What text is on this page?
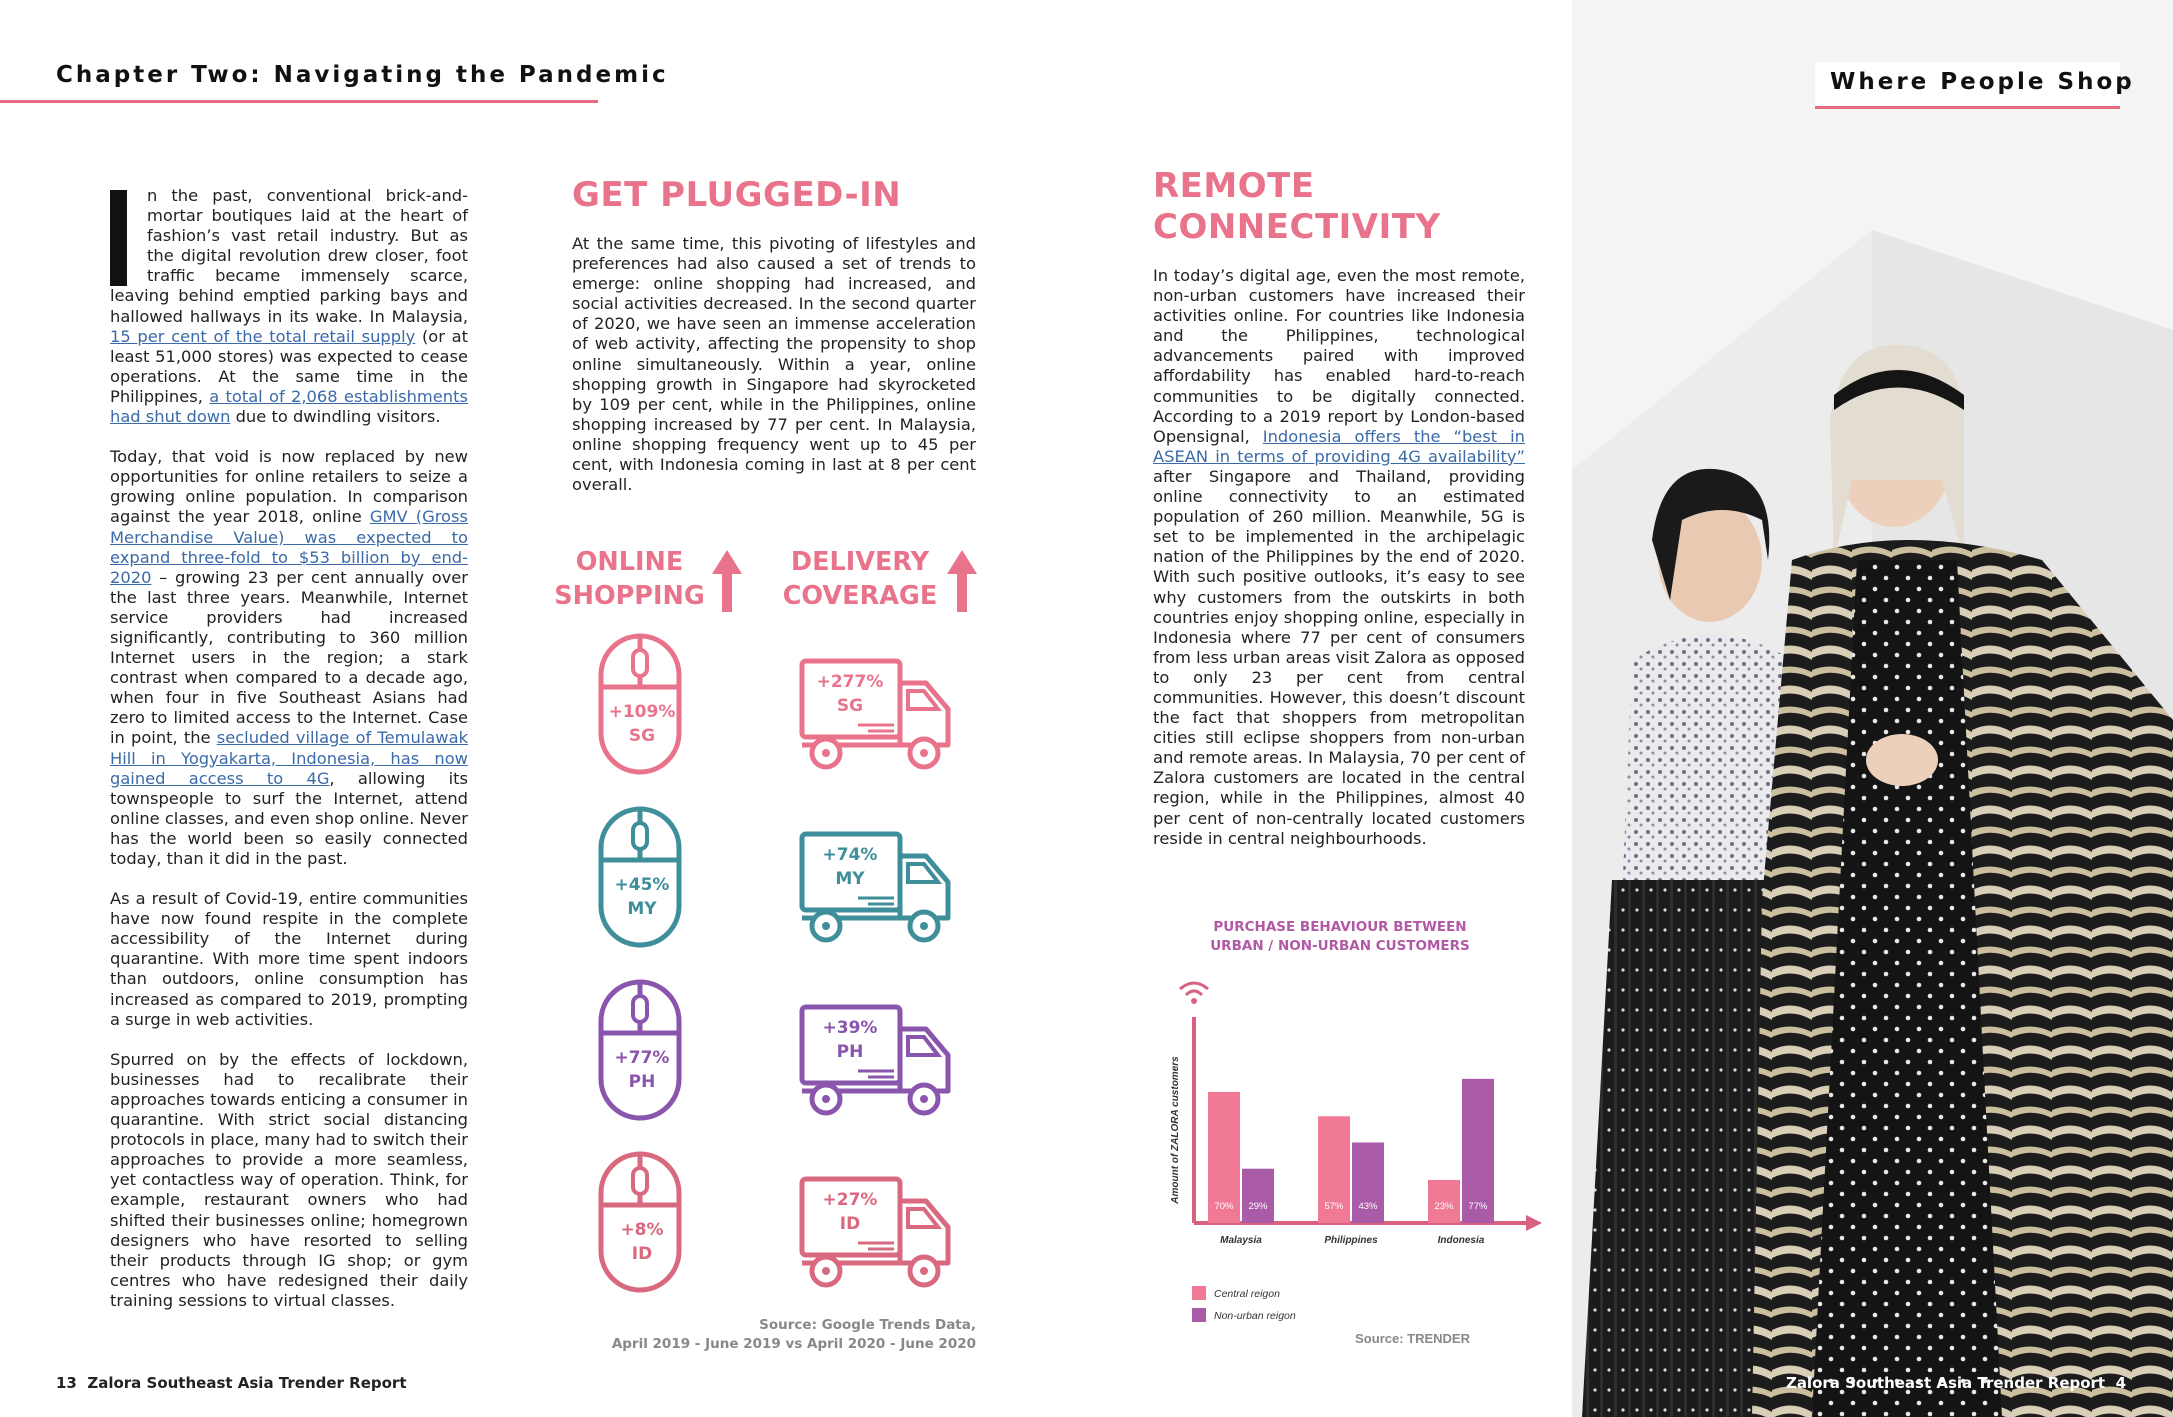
Chapter Two: Navigating the Pandemic

n the past, conventional brick-and-mortar boutiques laid at the heart of fashion’s vast retail industry. But as the digital revolution drew closer, foot traffic became immensely scarce, leaving behind emptied parking bays and hallowed hallways in its wake. In Malaysia, 15 per cent of the total retail supply (or at least 51,000 stores) was expected to cease operations. At the same time in the Philippines, a total of 2,068 establishments had shut down due to dwindling visitors.

Today, that void is now replaced by new opportunities for online retailers to seize a growing online population. In comparison against the year 2018, online GMV (Gross Merchandise Value) was expected to expand three-fold to $53 billion by end-2020 – growing 23 per cent annually over the last three years. Meanwhile, Internet service providers had increased significantly, contributing to 360 million Internet users in the region; a stark contrast when compared to a decade ago, when four in five Southeast Asians had zero to limited access to the Internet. Case in point, the secluded village of Temulawak Hill in Yogyakarta, Indonesia, has now gained access to 4G, allowing its townspeople to surf the Internet, attend online classes, and even shop online. Never has the world been so easily connected today, than it did in the past.

As a result of Covid-19, entire communities have now found respite in the complete accessibility of the Internet during quarantine. With more time spent indoors than outdoors, online consumption has increased as compared to 2019, prompting a surge in web activities.

Spurred on by the effects of lockdown, businesses had to recalibrate their approaches towards enticing a consumer in quarantine. With strict social distancing protocols in place, many had to switch their approaches to provide a more seamless, yet contactless way of operation. Think, for example, restaurant owners who had shifted their businesses online; homegrown designers who have resorted to selling their products through IG shop; or gym centres who have redesigned their daily training sessions to virtual classes.

GET PLUGGED-IN
At the same time, this pivoting of lifestyles and preferences had also caused a set of trends to emerge: online shopping had increased, and social activities decreased. In the second quarter of 2020, we have seen an immense acceleration of web activity, affecting the propensity to shop online simultaneously. Within a year, online shopping growth in Singapore had skyrocketed by 109 per cent, while in the Philippines, online shopping increased by 77 per cent. In Malaysia, online shopping frequency went up to 45 per cent, with Indonesia coming in last at 8 per cent overall.
ONLINE
SHOPPING
DELIVERY
COVERAGE
+109%
SG
+277%
SG
+45%
MY
+74%
MY
+77%
PH
+39%
PH
+8%
ID
+27%
ID
Source: Google Trends Data,
April 2019 - June 2019 vs April 2020 - June 2020
REMOTE
CONNECTIVITY
In today’s digital age, even the most remote, non-urban customers have increased their activities online. For countries like Indonesia and the Philippines, technological advancements paired with improved affordability has enabled hard-to-reach communities to be digitally connected. According to a 2019 report by London-based Opensignal, Indonesia offers the “best in ASEAN in terms of providing 4G availability” after Singapore and Thailand, providing online connectivity to an estimated population of 260 million. Meanwhile, 5G is set to be implemented in the archipelagic nation of the Philippines by the end of 2020. With such positive outlooks, it’s easy to see why customers from the outskirts in both countries enjoy shopping online, especially in Indonesia where 77 per cent of consumers from less urban areas visit Zalora as opposed to only 23 per cent from central communities. However, this doesn’t discount the fact that shoppers from metropolitan cities still eclipse shoppers from non-urban and remote areas. In Malaysia, 70 per cent of Zalora customers are located in the central region, while in the Philippines, almost 40 per cent of non-centrally located customers reside in central neighbourhoods.
PURCHASE BEHAVIOUR BETWEEN
URBAN / NON-URBAN CUSTOMERS
Amount of ZALORA customers
70% 29%
Malaysia
57% 43%
Philippines
23% 77%
Indonesia
Central reigon
Non-urban reigon
Source: TRENDER
Where People Shop
13 Zalora Southeast Asia Trender Report	Zalora Southeast Asia Trender Report 4
